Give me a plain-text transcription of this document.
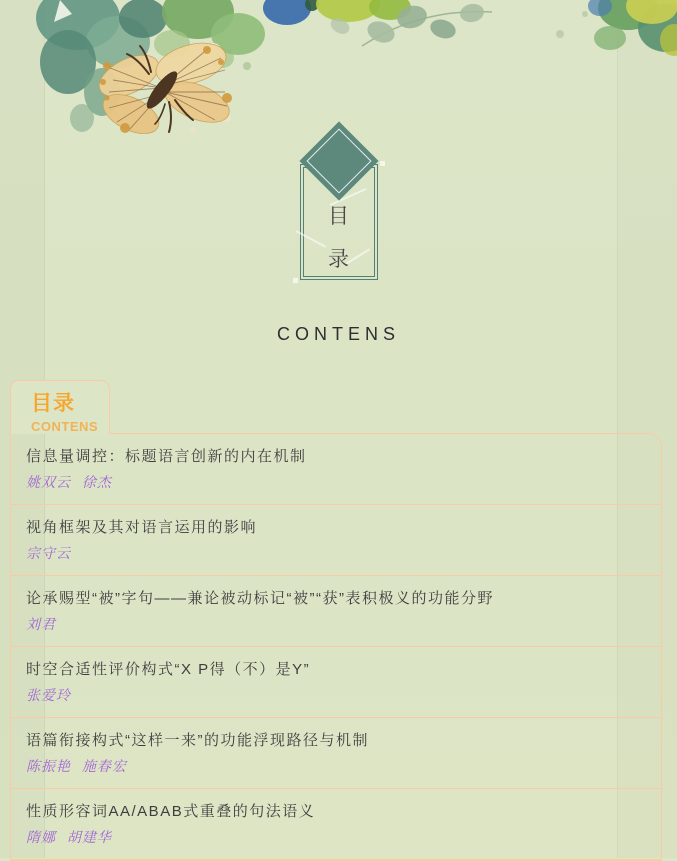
目
录
CONTENS
目录
CONTENS
信息量调控：标题语言创新的内在机制
姚双云  徐杰
视角框架及其对语言运用的影响
宗守云
论承赐型“被”字句——兼论被动标记“被”“获”表积极义的功能分野
刘君
时空合适性评价构式“X P得（不）是Y”
张爱玲
语篇衔接构式“这样一来”的功能浮现路径与机制
陈振艳  施春宏
性质形容词AA/ABAB式重叠的句法语义
隋娜  胡建华
